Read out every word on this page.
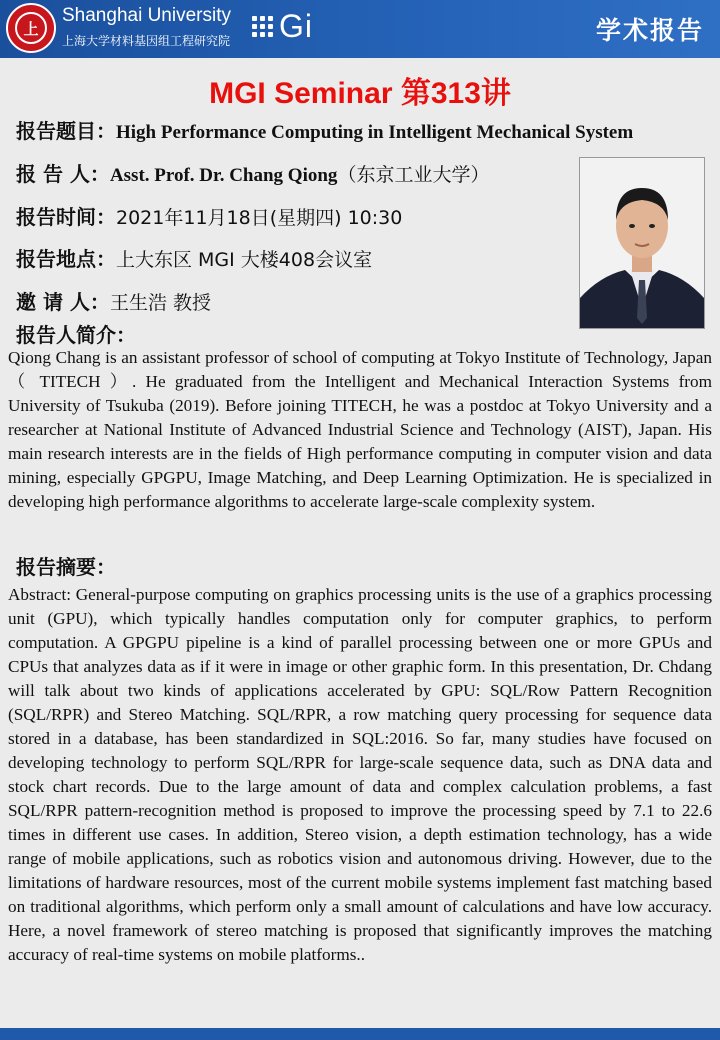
上
Shanghai University
上海大学材料基因组工程研究院 Gi	学术报告
MGI Seminar 第313讲
报告题目：High Performance Computing in Intelligent Mechanical System
报 告 人：Asst. Prof. Dr. Chang Qiong（东京工业大学）
报告时间：2021年11月18日(星期四) 10:30
报告地点：上大东区 MGI 大楼408会议室
邀 请 人：王生浩 教授
报告人简介：
Qiong Chang is an assistant professor of school of computing at Tokyo Institute of Technology, Japan （ TITECH ）. He graduated from the Intelligent and Mechanical Interaction Systems from University of Tsukuba (2019). Before joining TITECH, he was a postdoc at Tokyo University and a researcher at National Institute of Advanced Industrial Science and Technology (AIST), Japan. His main research interests are in the fields of High performance computing in computer vision and data mining, especially GPGPU, Image Matching, and Deep Learning Optimization. He is specialized in developing high performance algorithms to accelerate large-scale complexity system.
报告摘要：
Abstract: General-purpose computing on graphics processing units is the use of a graphics processing unit (GPU), which typically handles computation only for computer graphics, to perform computation. A GPGPU pipeline is a kind of parallel processing between one or more GPUs and CPUs that analyzes data as if it were in image or other graphic form. In this presentation, Dr. Chdang will talk about two kinds of applications accelerated by GPU: SQL/Row Pattern Recognition (SQL/RPR) and Stereo Matching. SQL/RPR, a row matching query processing for sequence data stored in a database, has been standardized in SQL:2016. So far, many studies have focused on developing technology to perform SQL/RPR for large-scale sequence data, such as DNA data and stock chart records. Due to the large amount of data and complex calculation problems, a fast SQL/RPR pattern-recognition method is proposed to improve the processing speed by 7.1 to 22.6 times in different use cases. In addition, Stereo vision, a depth estimation technology, has a wide range of mobile applications, such as robotics vision and autonomous driving. However, due to the limitations of hardware resources, most of the current mobile systems implement fast matching based on traditional algorithms, which perform only a small amount of calculations and have low accuracy. Here, a novel framework of stereo matching is proposed that significantly improves the matching accuracy of real-time systems on mobile platforms..
